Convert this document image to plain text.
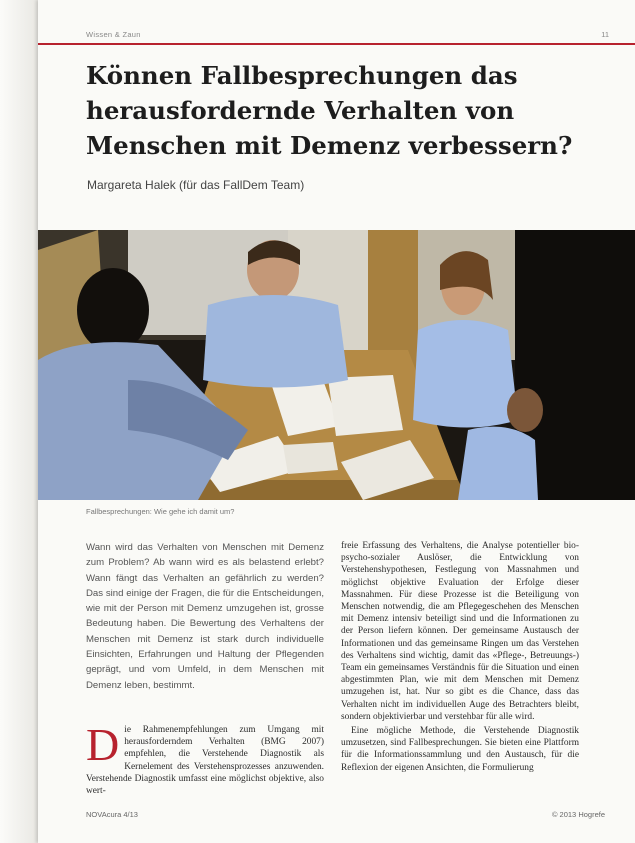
Wissen & Zaun	11
Können Fallbesprechungen das
herausfordernde Verhalten von
Menschen mit Demenz verbessern?
Margareta Halek (für das FallDem Team)
Fallbesprechungen: Wie gehe ich damit um?

Wann wird das Verhalten von Menschen mit Demenz zum Problem? Ab wann wird es als belastend erlebt? Wann fängt das Verhalten an gefährlich zu werden? Das sind einige der Fragen, die für die Entscheidungen, wie mit der Person mit Demenz umzugehen ist, grosse Bedeutung haben. Die Bewertung des Verhaltens der Menschen mit Demenz ist stark durch individuelle Einsichten, Erfahrungen und Haltung der Pflegenden geprägt, und vom Umfeld, in dem Menschen mit Demenz leben, bestimmt.

D ie Rahmenempfehlungen zum Umgang mit herausforderndem Verhalten (BMG 2007) empfehlen, die Verstehende Diagnostik als Kernelement des Verstehensprozesses anzuwenden. Verstehende Diagnostik umfasst eine möglichst objektive, also wert-

freie Erfassung des Verhaltens, die Analyse potentieller bio-psycho-sozialer Auslöser, die Entwicklung von Verstehenshypothesen, Festlegung von Massnahmen und möglichst objektive Evaluation der Erfolge dieser Massnahmen. Für diese Prozesse ist die Beteiligung von Menschen notwendig, die am Pflegegeschehen des Menschen mit Demenz intensiv beteiligt sind und die Informationen zu der Person liefern können. Der gemeinsame Austausch der Informationen und das gemeinsame Ringen um das Verstehen des Verhaltens sind wichtig, damit das «Pflege-, Betreuungs-) Team ein gemeinsames Verständnis für die Situation und einen abgestimmten Plan, wie mit dem Menschen mit Demenz umzugehen ist, hat. Nur so gibt es die Chance, dass das Verhalten nicht im individuellen Auge des Betrachters bleibt, sondern objektivierbar und verstehbar für alle wird.

Eine mögliche Methode, die Verstehende Diagnostik umzusetzen, sind Fallbesprechungen. Sie bieten eine Plattform für die Informationssammlung und den Austausch, für die Reflexion der eigenen Ansichten, die Formulierung

NOVAcura 4/13	© 2013 Hogrefe
